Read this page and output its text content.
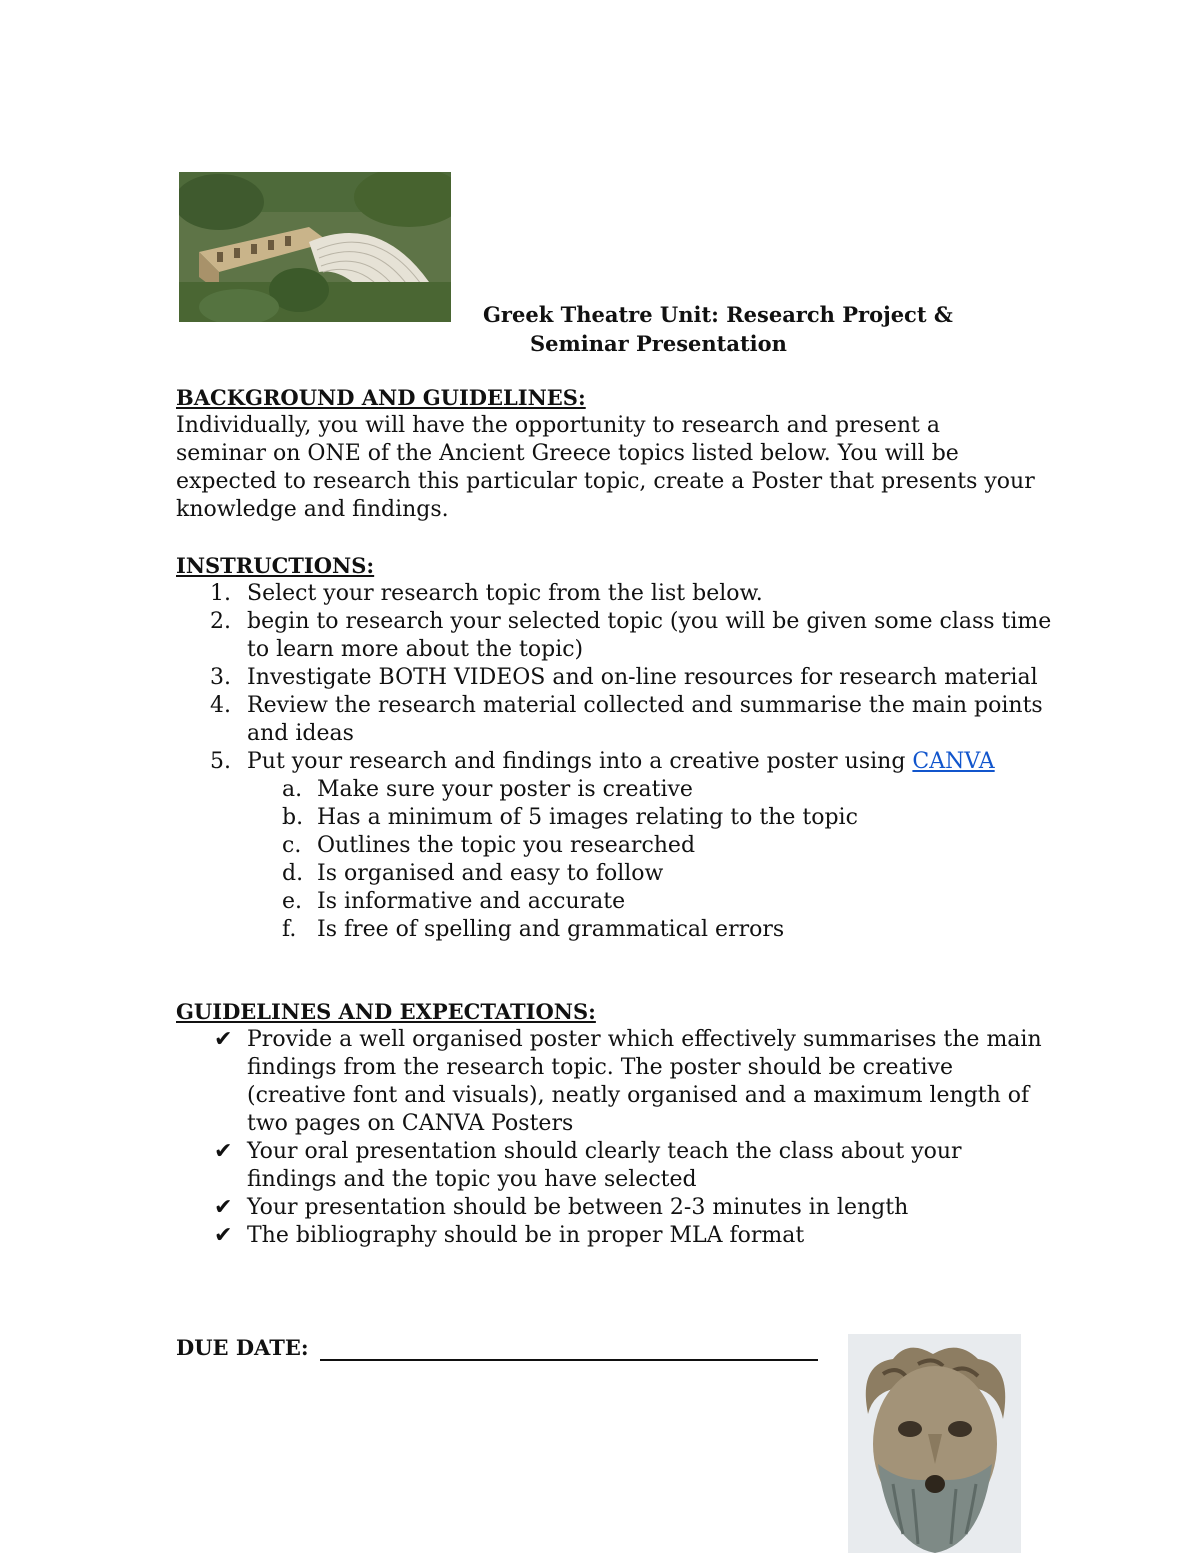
Greek Theatre Unit: Research Project &
Seminar Presentation
BACKGROUND AND GUIDELINES:
Individually, you will have the opportunity to research and present a seminar on ONE of the Ancient Greece topics listed below. You will be expected to research this particular topic, create a Poster that presents your knowledge and findings.
INSTRUCTIONS:
1. Select your research topic from the list below.
2. begin to research your selected topic (you will be given some class time to learn more about the topic)
3. Investigate BOTH VIDEOS and on-line resources for research material
4. Review the research material collected and summarise the main points and ideas
5. Put your research and findings into a creative poster using CANVA
a. Make sure your poster is creative
b. Has a minimum of 5 images relating to the topic
c. Outlines the topic you researched
d. Is organised and easy to follow
e. Is informative and accurate
f. Is free of spelling and grammatical errors
GUIDELINES AND EXPECTATIONS:
✔ Provide a well organised poster which effectively summarises the main findings from the research topic. The poster should be creative (creative font and visuals), neatly organised and a maximum length of two pages on CANVA Posters
✔ Your oral presentation should clearly teach the class about your findings and the topic you have selected
✔ Your presentation should be between 2-3 minutes in length
✔ The bibliography should be in proper MLA format
DUE DATE:
